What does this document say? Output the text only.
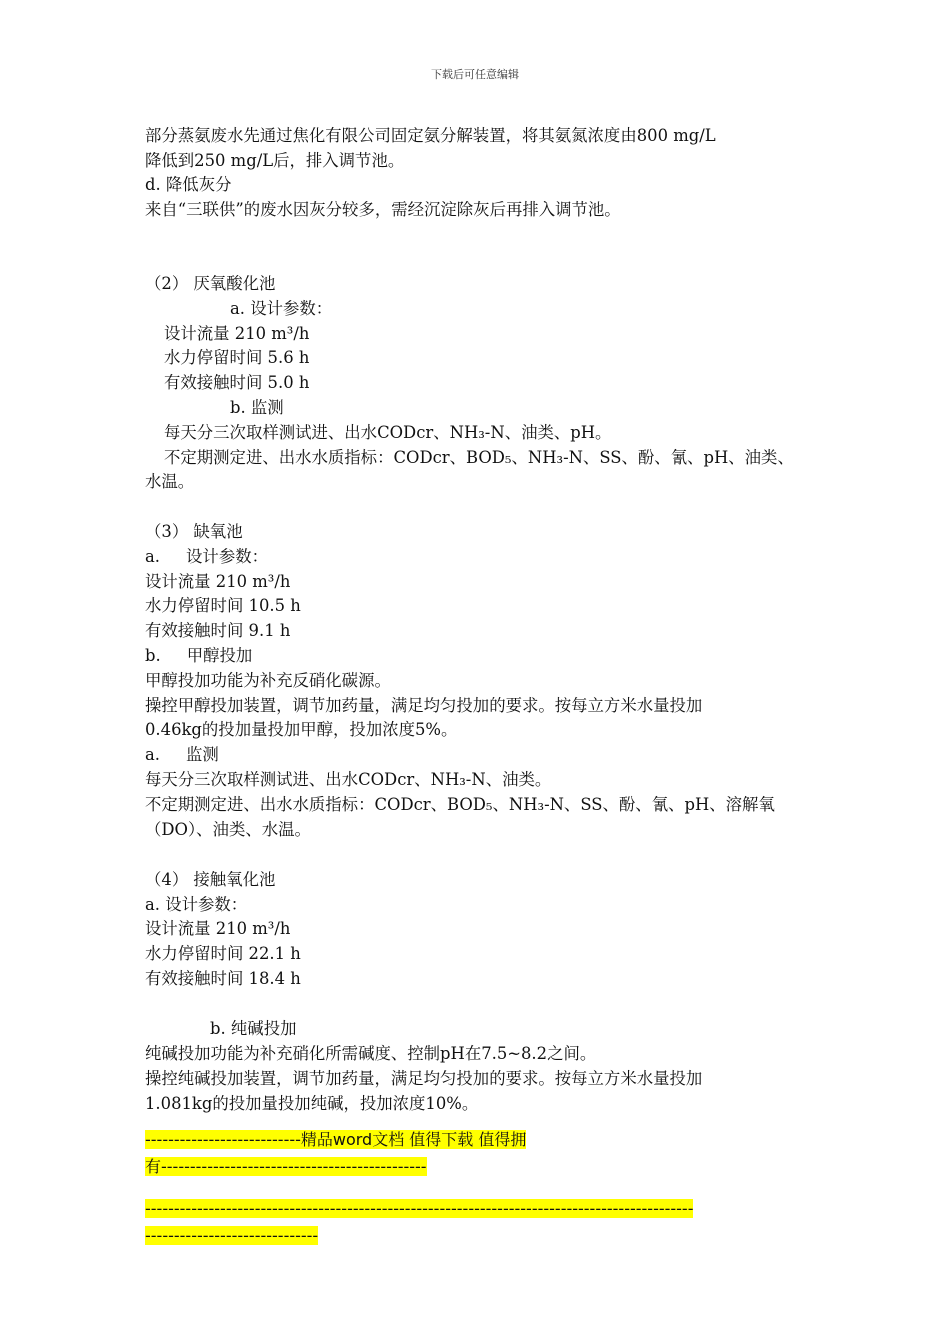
下载后可任意编辑
部分蒸氨废水先通过焦化有限公司固定氨分解装置，将其氨氮浓度由800 mg/L
降低到250 mg/L后，排入调节池。
d. 降低灰分
来自“三联供”的废水因灰分较多，需经沉淀除灰后再排入调节池。
（2） 厌氧酸化池
a. 设计参数：
设计流量 210 m³/h
水力停留时间 5.6 h
有效接触时间 5.0 h
b. 监测
每天分三次取样测试进、出水CODcr、NH₃-N、油类、pH。
不定期测定进、出水水质指标：CODcr、BOD₅、NH₃-N、SS、酚、氰、pH、油类、
水温。
（3） 缺氧池
a.     设计参数：
设计流量 210 m³/h
水力停留时间 10.5 h
有效接触时间 9.1 h
b.     甲醇投加
甲醇投加功能为补充反硝化碳源。
操控甲醇投加装置，调节加药量，满足均匀投加的要求。按每立方米水量投加
0.46kg的投加量投加甲醇，投加浓度5%。
a.     监测
每天分三次取样测试进、出水CODcr、NH₃-N、油类。
不定期测定进、出水水质指标：CODcr、BOD₅、NH₃-N、SS、酚、氰、pH、溶解氧
（DO）、油类、水温。
（4） 接触氧化池
a. 设计参数：
设计流量 210 m³/h
水力停留时间 22.1 h
有效接触时间 18.4 h
b. 纯碱投加
纯碱投加功能为补充硝化所需碱度、控制pH在7.5~8.2之间。
操控纯碱投加装置，调节加药量，满足均匀投加的要求。按每立方米水量投加
1.081kg的投加量投加纯碱，投加浓度10%。
---------------------------精品word文档 值得下载 值得拥
有----------------------------------------------
-----------------------------------------------------------------------------------------------
------------------------------
